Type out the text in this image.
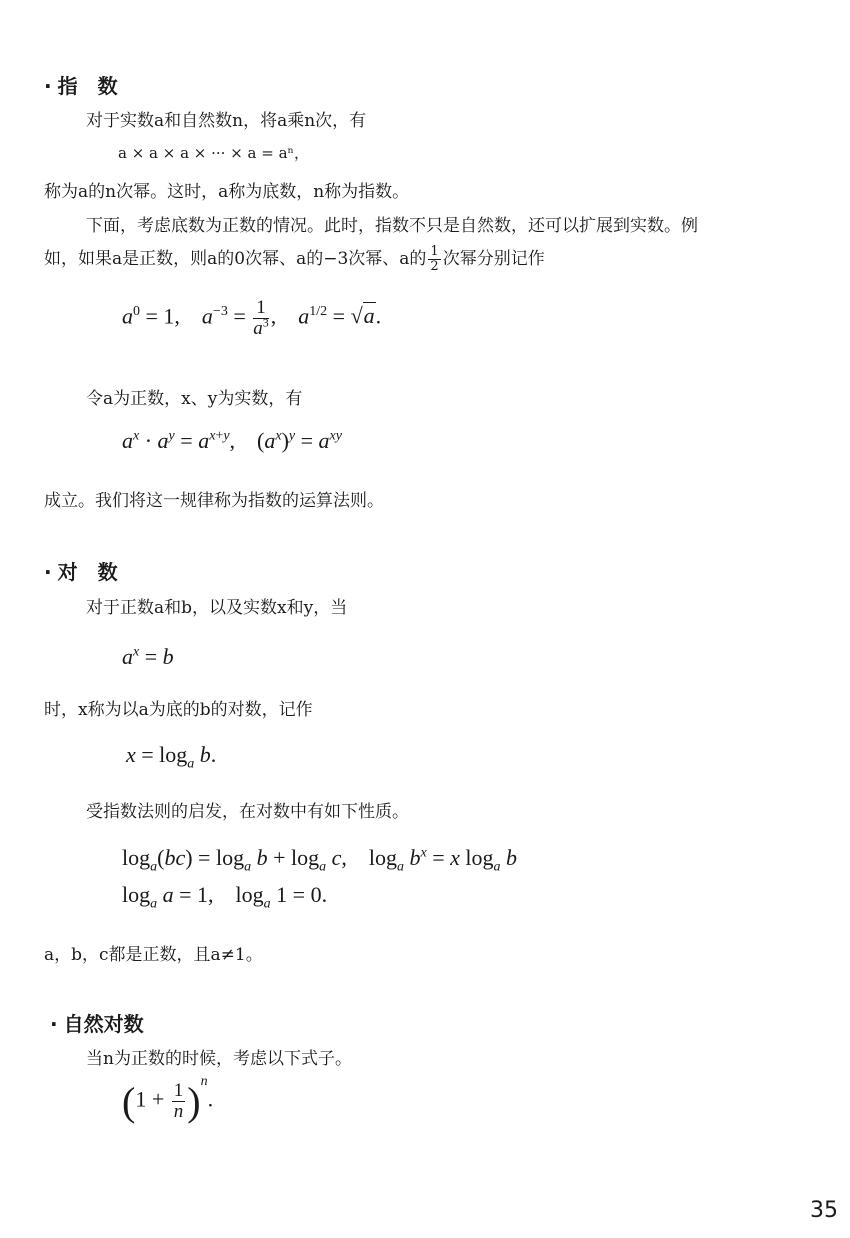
· 指　数
对于实数a和自然数n，将a乘n次，有
a × a × a × ··· × a = aⁿ，
称为a的n次幂。这时，a称为底数，n称为指数。
下面，考虑底数为正数的情况。此时，指数不只是自然数，还可以扩展到实数。例
如，如果a是正数，则a的0次幂、a的−3次幂、a的 $\frac{1}{2}$ 次幂分别记作
$a^0 = 1$,    $a^{-3} = \frac{1}{a^3}$ ,    $a^{1/2} = √a$.
令a为正数，x、y为实数，有
$a^x \cdot a^y = a^{x+y}$,    $(a^x)^y = a^{xy}$
成立。我们将这一规律称为指数的运算法则。
· 对　数
对于正数a和b，以及实数x和y，当
$a^x = b$
时，x称为以a为底的b的对数，记作
$x = \log_a b$.
受指数法则的启发，在对数中有如下性质。
$\log_a(bc) = \log_a b + \log_a c$,    $\log_a b^x = x$ $\log_a b$
$\log_a a = 1$,    $\log_a 1 = 0$.
a，b，c都是正数，且a≠1。
· 自然对数
当n为正数的时候，考虑以下式子。
$(1 + \frac{1}{n} )^n$.
35
